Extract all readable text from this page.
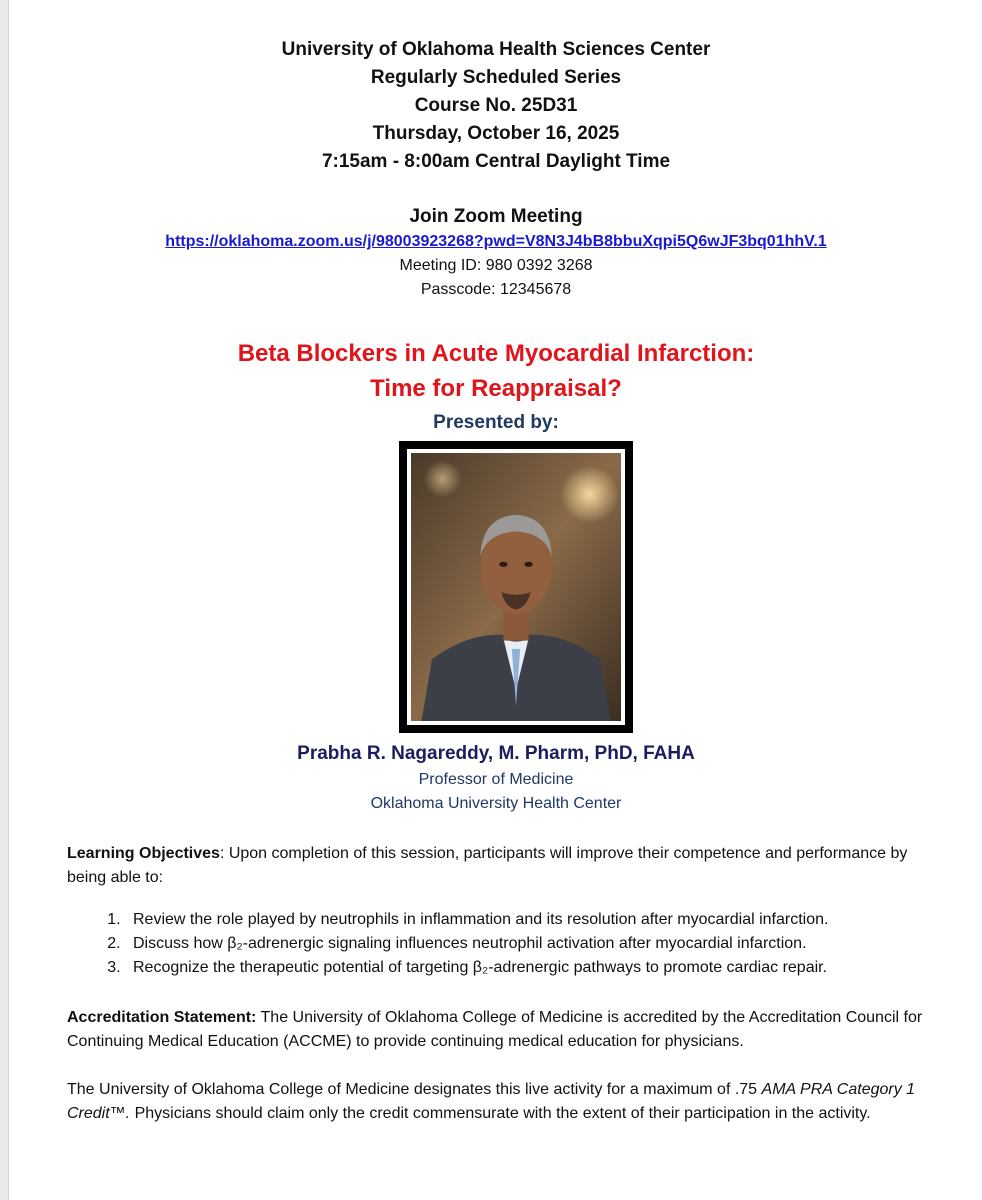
University of Oklahoma Health Sciences Center
Regularly Scheduled Series
Course No. 25D31
Thursday, October 16, 2025
7:15am - 8:00am Central Daylight Time
Join Zoom Meeting
https://oklahoma.zoom.us/j/98003923268?pwd=V8N3J4bB8bbuXqpi5Q6wJF3bq01hhV.1
Meeting ID: 980 0392 3268
Passcode: 12345678
Beta Blockers in Acute Myocardial Infarction:
Time for Reappraisal?
Presented by:
Prabha R. Nagareddy, M. Pharm, PhD, FAHA
Professor of Medicine
Oklahoma University Health Center
Learning Objectives: Upon completion of this session, participants will improve their competence and performance by being able to:
1. Review the role played by neutrophils in inflammation and its resolution after myocardial infarction.
2. Discuss how β₂-adrenergic signaling influences neutrophil activation after myocardial infarction.
3. Recognize the therapeutic potential of targeting β₂-adrenergic pathways to promote cardiac repair.
Accreditation Statement: The University of Oklahoma College of Medicine is accredited by the Accreditation Council for Continuing Medical Education (ACCME) to provide continuing medical education for physicians.
The University of Oklahoma College of Medicine designates this live activity for a maximum of .75 AMA PRA Category 1 Credit™. Physicians should claim only the credit commensurate with the extent of their participation in the activity.
